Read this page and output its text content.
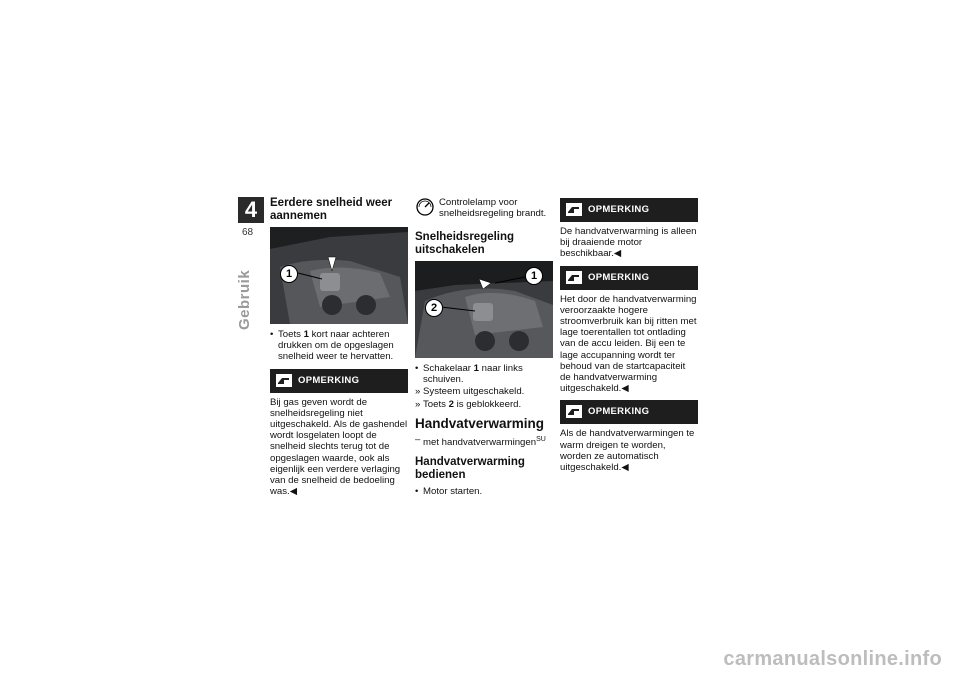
4
68
Gebruik
Eerdere snelheid weer aannemen
1
• Toets 1 kort naar achteren drukken om de opgeslagen snelheid weer te hervatten.
OPMERKING
Bij gas geven wordt de snelheidsregeling niet uitgeschakeld. Als de gashendel wordt losgelaten loopt de snelheid slechts terug tot de opgeslagen waarde, ook als eigenlijk een verdere verlaging van de snelheid de bedoeling was.◀
Controlelamp voor snelheidsregeling brandt.
Snelheidsregeling uitschakelen
1
2
• Schakelaar 1 naar links schuiven.
» Systeem uitgeschakeld.
» Toets 2 is geblokkeerd.
Handvatverwarming
– met handvatverwarmingen$^{SU}$
Handvatverwarming bedienen
• Motor starten.
OPMERKING
De handvatverwarming is alleen bij draaiende motor beschikbaar.◀
OPMERKING
Het door de handvatverwarming veroorzaakte hogere stroomverbruik kan bij ritten met lage toerentallen tot ontlading van de accu leiden. Bij een te lage accupanning wordt ter behoud van de startcapaciteit de handvatverwarming uitgeschakeld.◀
OPMERKING
Als de handvatverwarmingen te warm dreigen te worden, worden ze automatisch uitgeschakeld.◀
carmanualsonline.info
